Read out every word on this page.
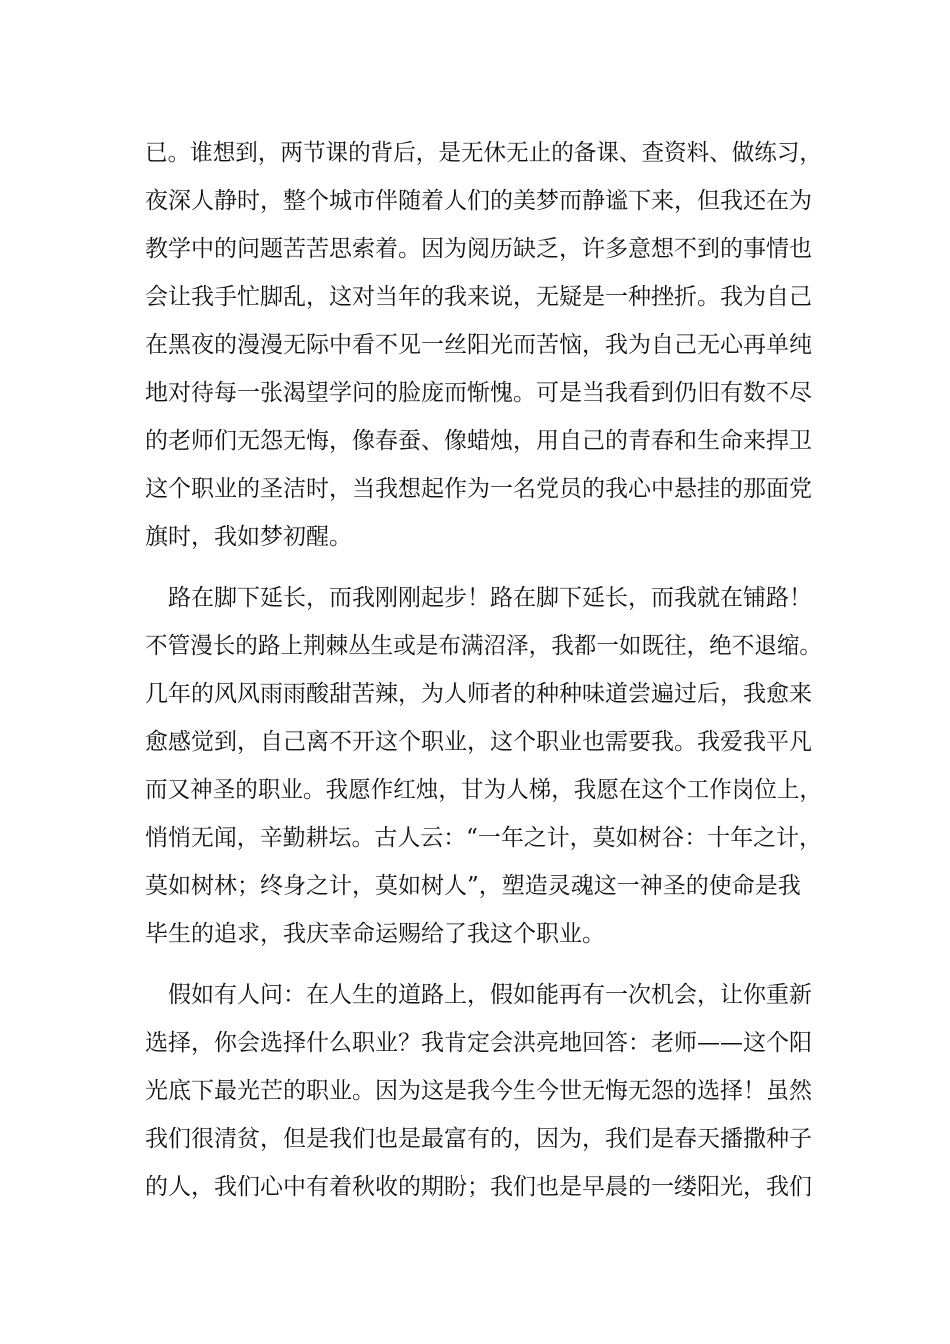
已。谁想到，两节课的背后，是无休无止的备课、查资料、做练习，
夜深人静时，整个城市伴随着人们的美梦而静谧下来，但我还在为
教学中的问题苦苦思索着。因为阅历缺乏，许多意想不到的事情也
会让我手忙脚乱，这对当年的我来说，无疑是一种挫折。我为自己
在黑夜的漫漫无际中看不见一丝阳光而苦恼，我为自己无心再单纯
地对待每一张渴望学问的脸庞而惭愧。可是当我看到仍旧有数不尽
的老师们无怨无悔，像春蚕、像蜡烛，用自己的青春和生命来捍卫
这个职业的圣洁时，当我想起作为一名党员的我心中悬挂的那面党
旗时，我如梦初醒。
路在脚下延长，而我刚刚起步！路在脚下延长，而我就在铺路！
不管漫长的路上荆棘丛生或是布满沼泽，我都一如既往，绝不退缩。
几年的风风雨雨酸甜苦辣，为人师者的种种味道尝遍过后，我愈来
愈感觉到，自己离不开这个职业，这个职业也需要我。我爱我平凡
而又神圣的职业。我愿作红烛，甘为人梯，我愿在这个工作岗位上，
悄悄无闻，辛勤耕坛。古人云：“一年之计，莫如树谷：十年之计，
莫如树林；终身之计，莫如树人”，塑造灵魂这一神圣的使命是我
毕生的追求，我庆幸命运赐给了我这个职业。
假如有人问：在人生的道路上，假如能再有一次机会，让你重新
选择，你会选择什么职业？我肯定会洪亮地回答：老师——这个阳
光底下最光芒的职业。因为这是我今生今世无悔无怨的选择！虽然
我们很清贫，但是我们也是最富有的，因为，我们是春天播撒种子
的人，我们心中有着秋收的期盼；我们也是早晨的一缕阳光，我们
